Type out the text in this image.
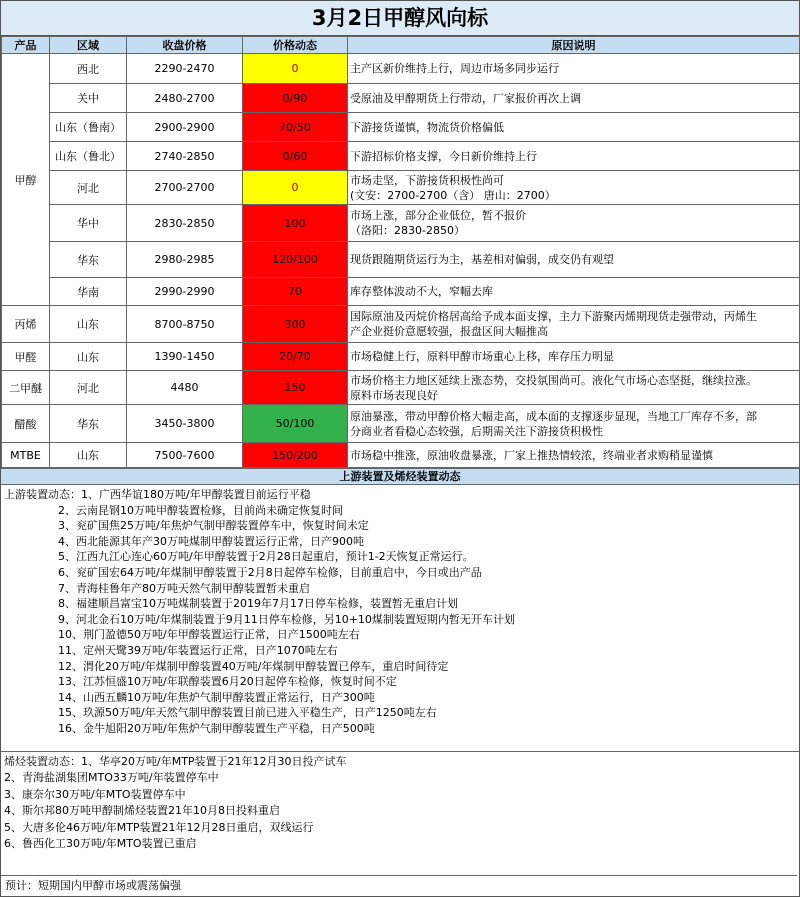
3月2日甲醇风向标
产品	区域	收盘价格	价格动态	原因说明
甲醇	西北	2290-2470	0	主产区新价维持上行，周边市场多同步运行
	关中	2480-2700	0/90	受原油及甲醇期货上行带动，厂家报价再次上调
	山东（鲁南）	2900-2900	70/50	下游接货谨慎，物流货价格偏低
	山东（鲁北）	2740-2850	0/60	下游招标价格支撑，今日新价维持上行
	河北	2700-2700	0	市场走坚，下游接货积极性尚可
(文安：2700-2700（含） 唐山：2700）
	华中	2830-2850	100	市场上涨，部分企业低位，暂不报价
（洛阳：2830-2850）
	华东	2980-2985	120/100	现货跟随期货运行为主，基差相对偏弱，成交仍有观望
	华南	2990-2990	70	库存整体波动不大，窄幅去库
丙烯	山东	8700-8750	300	国际原油及丙烷价格居高给予成本面支撑，主力下游聚丙烯期现货走强带动，丙烯生
产企业挺价意愿较强，报盘区间大幅推高
甲醛	山东	1390-1450	20/70	市场稳健上行，原料甲醇市场重心上移，库存压力明显
二甲醚	河北	4480	150	市场价格主力地区延续上涨态势，交投氛围尚可。液化气市场心态坚挺，继续拉涨。
原料市场表现良好
醋酸	华东	3450-3800	50/100	原油暴涨，带动甲醇价格大幅走高，成本面的支撑逐步显现，当地工厂库存不多，部
分商业者看稳心态较强，后期需关注下游接货积极性
MTBE	山东	7500-7600	150/200	市场稳中推涨，原油收盘暴涨，厂家上推热情较浓，终端业者求购稍显谨慎
上游装置及烯烃装置动态
上游装置动态：1、广西华谊180万吨/年甲醇装置目前运行平稳
2、云南昆钢10万吨甲醇装置检修，目前尚未确定恢复时间
3、兖矿国焦25万吨/年焦炉气制甲醇装置停车中，恢复时间未定
4、西北能源其年产30万吨煤制甲醇装置运行正常，日产900吨
5、江西九江心连心60万吨/年甲醇装置于2月28日起重启，预计1-2天恢复正常运行。
6、兖矿国宏64万吨/年煤制甲醇装置于2月8日起停车检修，目前重启中，今日或出产品
7、青海桂鲁年产80万吨天然气制甲醇装置暂未重启
8、福建顺昌富宝10万吨煤制装置于2019年7月17日停车检修，装置暂无重启计划
9、河北金石10万吨/年煤制装置于9月11日停车检修，另10+10煤制装置短期内暂无开车计划
10、荆门盈德50万吨/年甲醇装置运行正常，日产1500吨左右
11、定州天鹭39万吨/年装置运行正常，日产1070吨左右
12、渭化20万吨/年煤制甲醇装置40万吨/年煤制甲醇装置已停车，重启时间待定
13、江苏恒盛10万吨/年联醇装置6月20日起停车检修，恢复时间不定
14、山西五麟10万吨/年焦炉气制甲醇装置正常运行，日产300吨
15、玖源50万吨/年天然气制甲醇装置目前已进入平稳生产，日产1250吨左右
16、金牛旭阳20万吨/年焦炉气制甲醇装置生产平稳，日产500吨
烯烃装置动态：1、华亭20万吨/年MTP装置于21年12月30日投产试车
2、青海盐湖集团MTO33万吨/年装置停车中
3、康奈尔30万吨/年MTO装置停车中
4、斯尔邦80万吨甲醇制烯烃装置21年10月8日投料重启
5、大唐多伦46万吨/年MTP装置21年12月28日重启，双线运行
6、鲁西化工30万吨/年MTO装置已重启
预计：短期国内甲醇市场或震荡偏强
